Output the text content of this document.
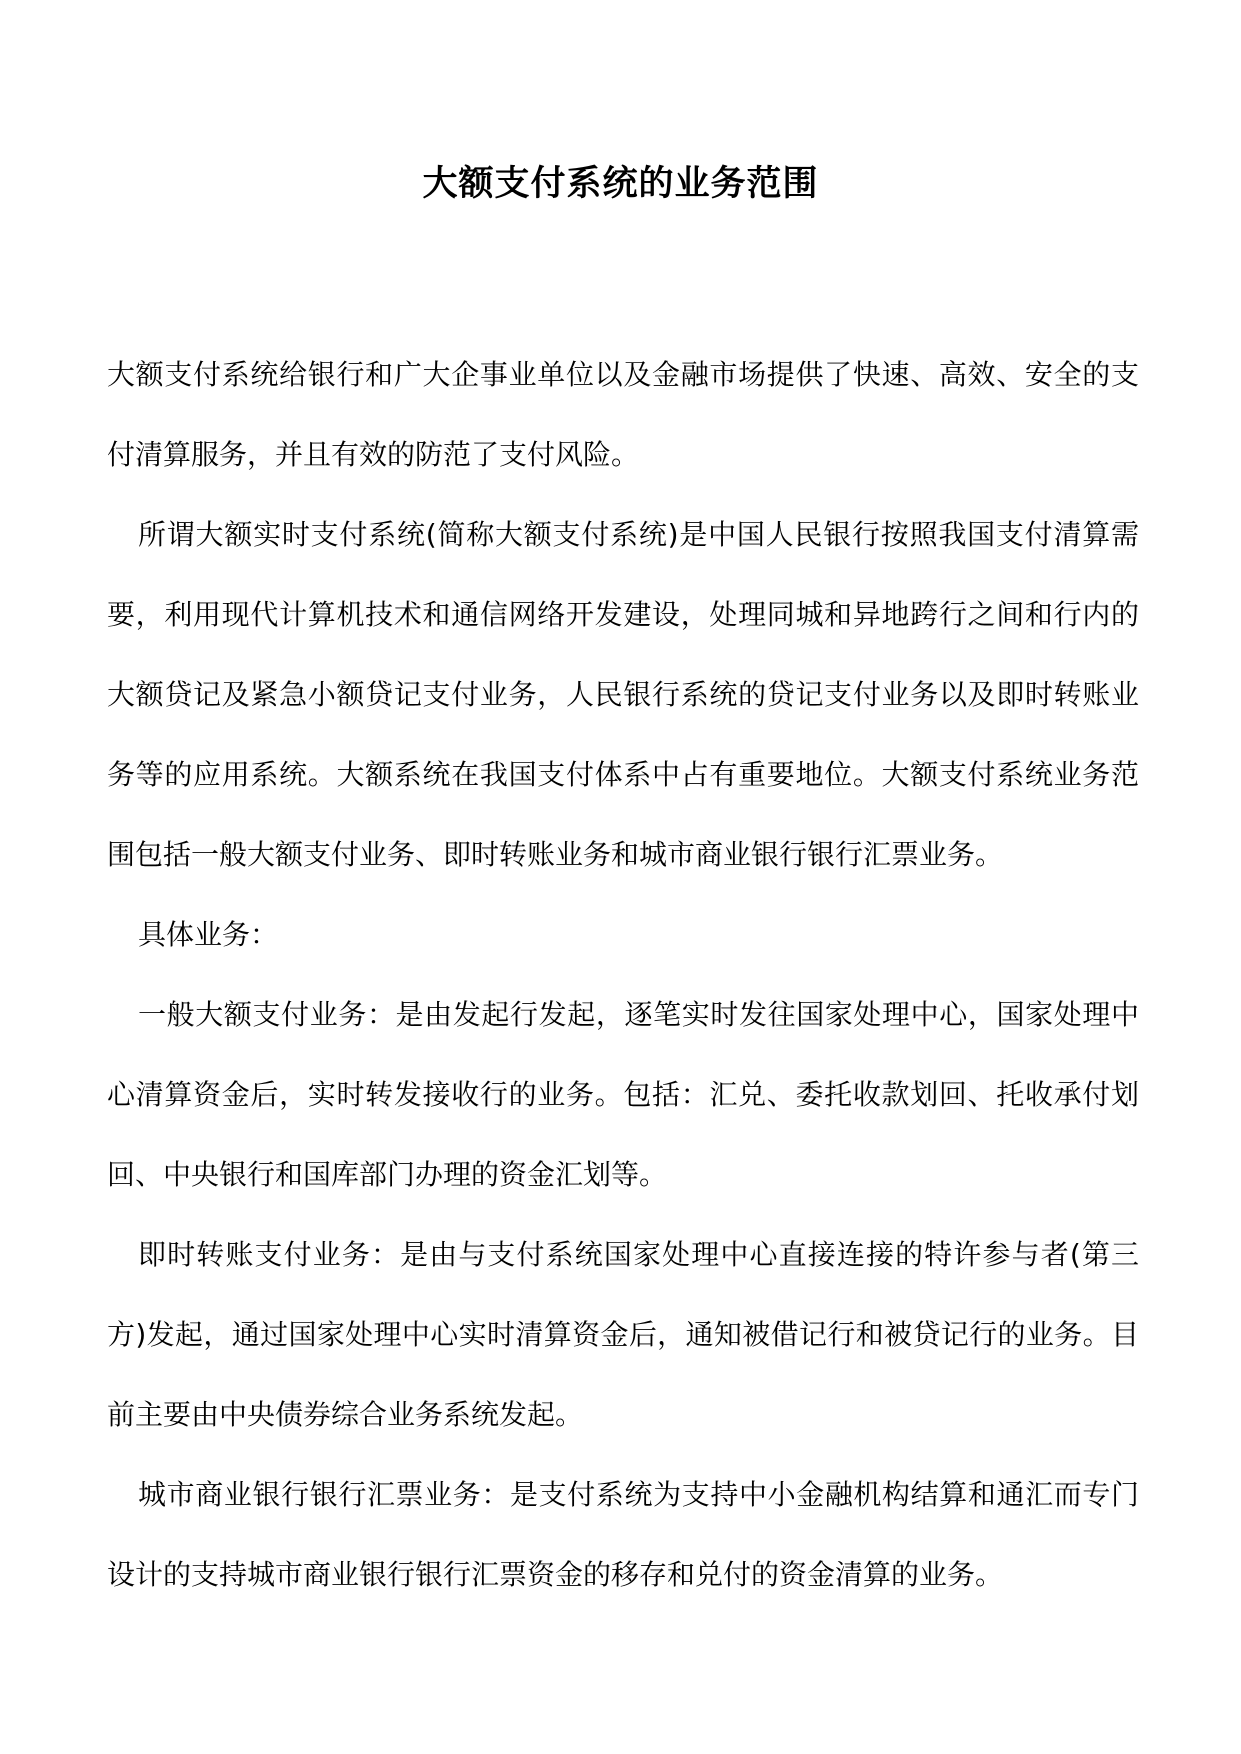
大额支付系统的业务范围

大额支付系统给银行和广大企事业单位以及金融市场提供了快速、高效、安全的支付清算服务，并且有效的防范了支付风险。

所谓大额实时支付系统(简称大额支付系统)是中国人民银行按照我国支付清算需要，利用现代计算机技术和通信网络开发建设，处理同城和异地跨行之间和行内的大额贷记及紧急小额贷记支付业务，人民银行系统的贷记支付业务以及即时转账业务等的应用系统。大额系统在我国支付体系中占有重要地位。大额支付系统业务范围包括一般大额支付业务、即时转账业务和城市商业银行银行汇票业务。

具体业务：

一般大额支付业务：是由发起行发起，逐笔实时发往国家处理中心，国家处理中心清算资金后，实时转发接收行的业务。包括：汇兑、委托收款划回、托收承付划回、中央银行和国库部门办理的资金汇划等。

即时转账支付业务：是由与支付系统国家处理中心直接连接的特许参与者(第三方)发起，通过国家处理中心实时清算资金后，通知被借记行和被贷记行的业务。目前主要由中央债券综合业务系统发起。

城市商业银行银行汇票业务：是支付系统为支持中小金融机构结算和通汇而专门设计的支持城市商业银行银行汇票资金的移存和兑付的资金清算的业务。
